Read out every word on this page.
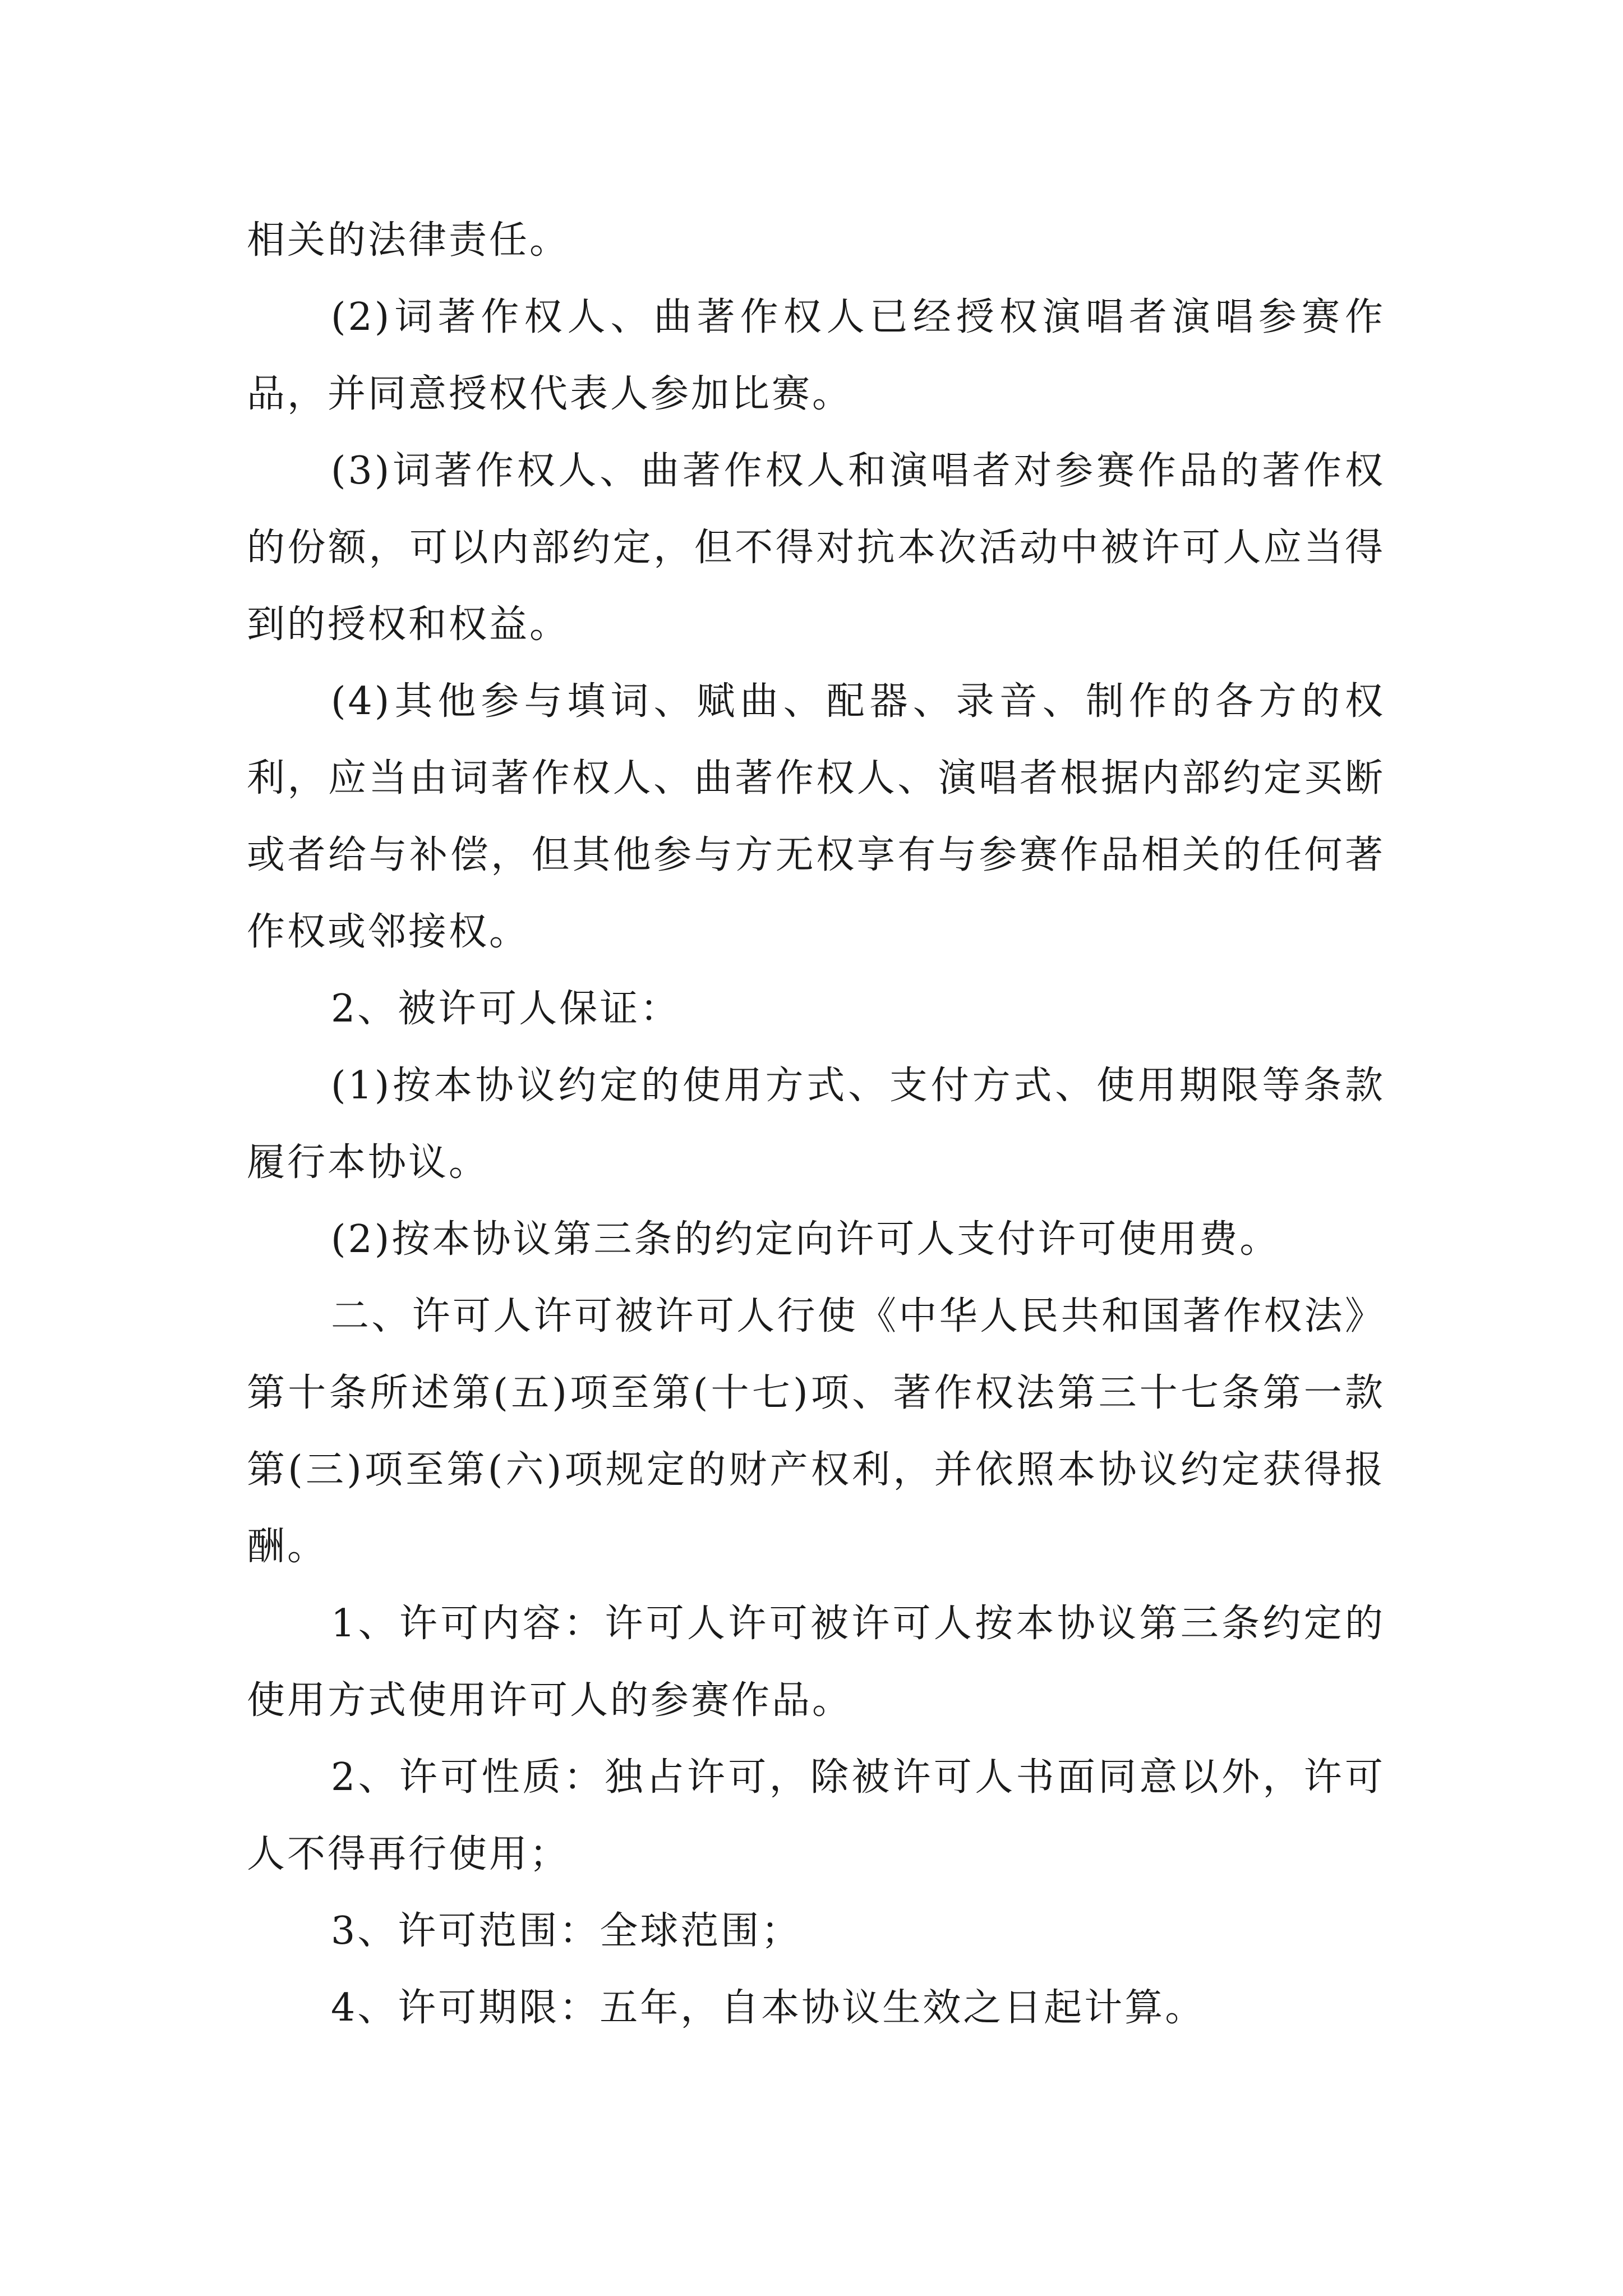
相关的法律责任。

(2)词著作权人、曲著作权人已经授权演唱者演唱参赛作品，并同意授权代表人参加比赛。

(3)词著作权人、曲著作权人和演唱者对参赛作品的著作权的份额，可以内部约定，但不得对抗本次活动中被许可人应当得到的授权和权益。

(4)其他参与填词、赋曲、配器、录音、制作的各方的权利，应当由词著作权人、曲著作权人、演唱者根据内部约定买断或者给与补偿，但其他参与方无权享有与参赛作品相关的任何著作权或邻接权。

2、被许可人保证：

(1)按本协议约定的使用方式、支付方式、使用期限等条款履行本协议。

(2)按本协议第三条的约定向许可人支付许可使用费。

二、许可人许可被许可人行使《中华人民共和国著作权法》第十条所述第(五)项至第(十七)项、著作权法第三十七条第一款第(三)项至第(六)项规定的财产权利，并依照本协议约定获得报酬。

1、许可内容：许可人许可被许可人按本协议第三条约定的使用方式使用许可人的参赛作品。

2、许可性质：独占许可，除被许可人书面同意以外，许可人不得再行使用；

3、许可范围：全球范围；

4、许可期限：五年，自本协议生效之日起计算。
